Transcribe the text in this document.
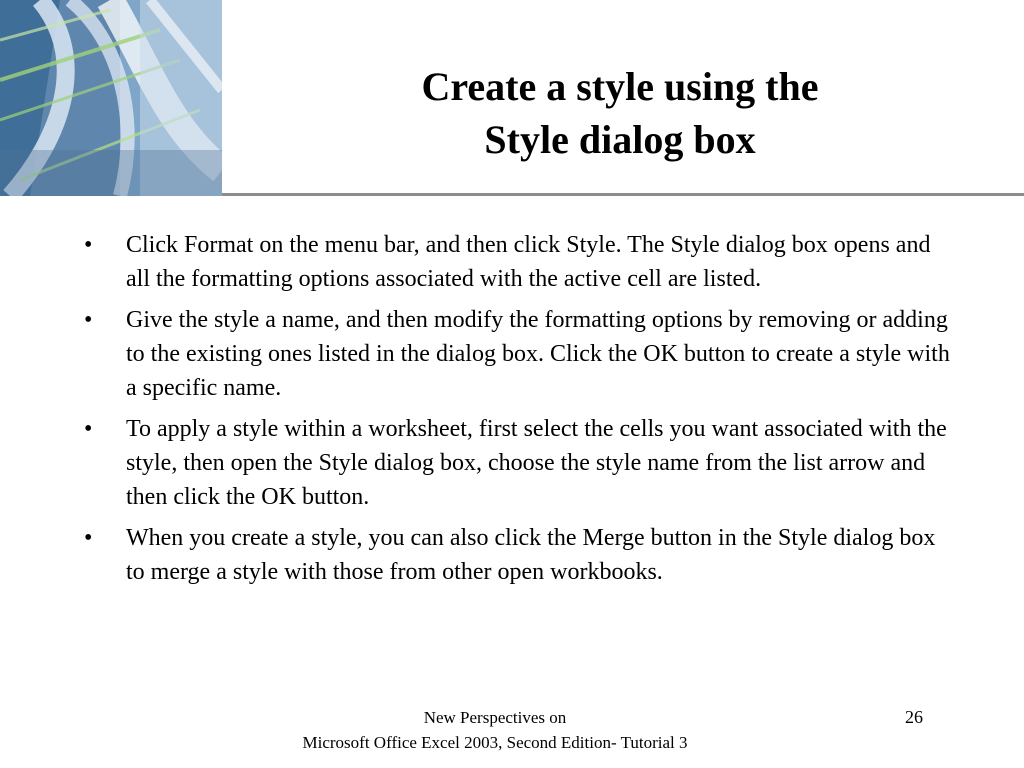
Create a style using the
Style dialog box
•	Click Format on the menu bar, and then click Style. The Style dialog box opens and all the formatting options associated with the active cell are listed.
•	Give the style a name, and then modify the formatting options by removing or adding to the existing ones listed in the dialog box. Click the OK button to create a style with a specific name.
•	To apply a style within a worksheet, first select the cells you want associated with the style, then open the Style dialog box, choose the style name from the list arrow and then click the OK button.
•	When you create a style, you can also click the Merge button in the Style dialog box to merge a style with those from other open workbooks.
New Perspectives on
Microsoft Office Excel 2003, Second Edition- Tutorial 3
26
